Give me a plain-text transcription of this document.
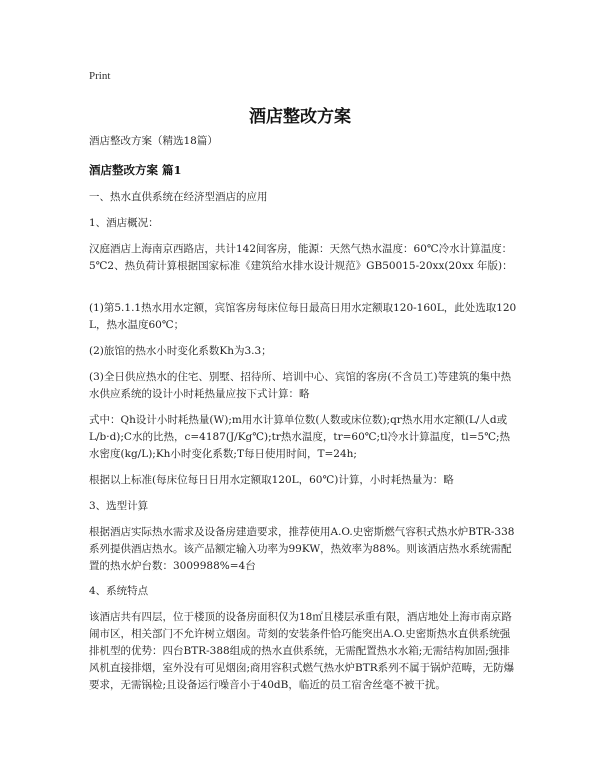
Print
酒店整改方案

酒店整改方案（精选18篇）

酒店整改方案 篇1

一、热水直供系统在经济型酒店的应用

1、酒店概况：

汉庭酒店上海南京西路店，共计142间客房，能源：天然气热水温度：60℃冷水计算温度：5℃2、热负荷计算根据国家标准《建筑给水排水设计规范》GB50015-20xx(20xx 年版)：

(1)第5.1.1热水用水定额，宾馆客房每床位每日最高日用水定额取120-160L，此处选取120L，热水温度60℃；

(2)旅馆的热水小时变化系数Kh为3.3；

(3)全日供应热水的住宅、别墅、招待所、培训中心、宾馆的客房(不含员工)等建筑的集中热水供应系统的设计小时耗热量应按下式计算：略

式中：Qh设计小时耗热量(W);m用水计算单位数(人数或床位数);qr热水用水定额(L/人d或L/b·d);C水的比热，c=4187(J/Kg℃);tr热水温度，tr=60℃;tl冷水计算温度，tl=5℃;热水密度(kg/L);Kh小时变化系数;T每日使用时间，T=24h;

根据以上标准(每床位每日日用水定额取120L，60℃)计算，小时耗热量为：略

3、选型计算

根据酒店实际热水需求及设备房建造要求，推荐使用A.O.史密斯燃气容积式热水炉BTR-338系列提供酒店热水。该产品额定输入功率为99KW，热效率为88%。则该酒店热水系统需配置的热水炉台数：3009988%=4台

4、系统特点

该酒店共有四层，位于楼顶的设备房面积仅为18㎡且楼层承重有限，酒店地处上海市南京路闹市区，相关部门不允许树立烟囱。苛刻的安装条件恰巧能突出A.O.史密斯热水直供系统强排机型的优势：四台BTR-388组成的热水直供系统，无需配置热水水箱;无需结构加固;强排风机直接排烟，室外没有可见烟囱;商用容积式燃气热水炉BTR系列不属于锅炉范畴，无防爆要求，无需锅检;且设备运行噪音小于40dB，临近的员工宿舍丝毫不被干扰。
